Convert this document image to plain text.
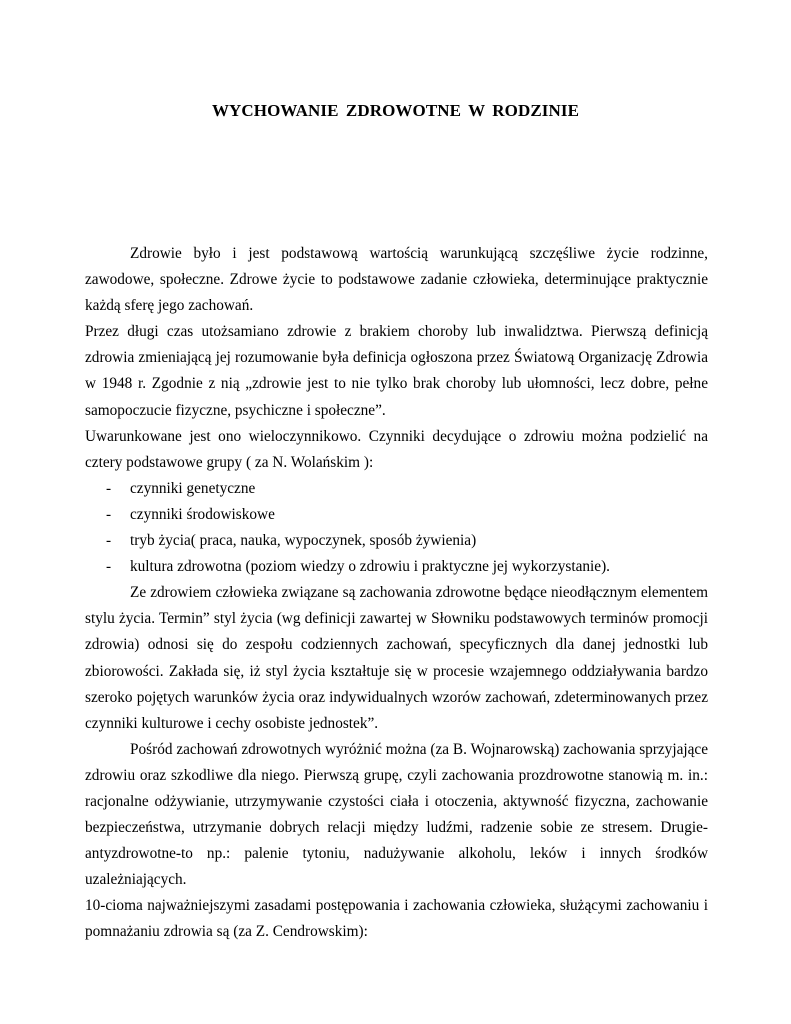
WYCHOWANIE ZDROWOTNE W RODZINIE

Zdrowie było i jest podstawową wartością warunkującą szczęśliwe życie rodzinne, zawodowe, społeczne. Zdrowe życie to podstawowe zadanie człowieka, determinujące praktycznie każdą sferę jego zachowań.

Przez długi czas utożsamiano zdrowie z brakiem choroby lub inwalidztwa. Pierwszą definicją zdrowia zmieniającą jej rozumowanie była definicja ogłoszona przez Światową Organizację Zdrowia w 1948 r. Zgodnie z nią „zdrowie jest to nie tylko brak choroby lub ułomności, lecz dobre, pełne samopoczucie fizyczne, psychiczne i społeczne”.

Uwarunkowane jest ono wieloczynnikowo. Czynniki decydujące o zdrowiu można podzielić na cztery podstawowe grupy ( za N. Wolańskim ):

- czynniki genetyczne
- czynniki środowiskowe
- tryb życia( praca, nauka, wypoczynek, sposób żywienia)
- kultura zdrowotna (poziom wiedzy o zdrowiu i praktyczne jej wykorzystanie).

Ze zdrowiem człowieka związane są zachowania zdrowotne będące nieodłącznym elementem stylu życia. Termin” styl życia (wg definicji zawartej w Słowniku podstawowych terminów promocji zdrowia) odnosi się do zespołu codziennych zachowań, specyficznych dla danej jednostki lub zbiorowości. Zakłada się, iż styl życia kształtuje się w procesie wzajemnego oddziaływania bardzo szeroko pojętych warunków życia oraz indywidualnych wzorów zachowań, zdeterminowanych przez czynniki kulturowe i cechy osobiste jednostek”.

Pośród zachowań zdrowotnych wyróżnić można (za B. Wojnarowską) zachowania sprzyjające zdrowiu oraz szkodliwe dla niego. Pierwszą grupę, czyli zachowania prozdrowotne stanowią m. in.: racjonalne odżywianie, utrzymywanie czystości ciała i otoczenia, aktywność fizyczna, zachowanie bezpieczeństwa, utrzymanie dobrych relacji między ludźmi, radzenie sobie ze stresem. Drugie- antyzdrowotne-to np.: palenie tytoniu, nadużywanie alkoholu, leków i innych środków uzależniających.

10-cioma najważniejszymi zasadami postępowania i zachowania człowieka, służącymi zachowaniu i pomnażaniu zdrowia są (za Z. Cendrowskim):
